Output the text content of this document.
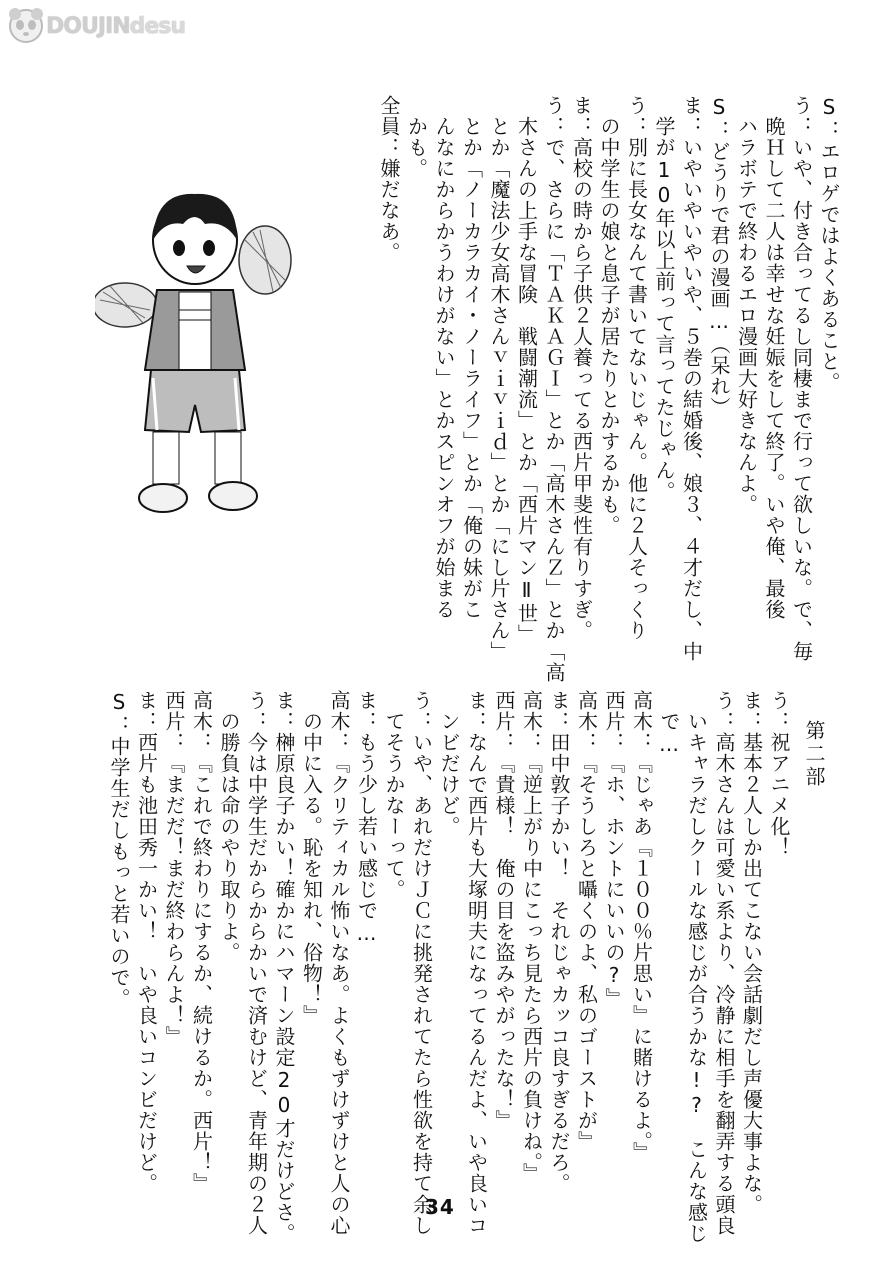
DOUJINdesu
第二部
34
S：エロゲではよくあること。
う：いや、付き合ってるし同棲まで行って欲しいな。で、毎
　晩Ｈして二人は幸せな妊娠をして終了。いや俺、最後
　ハラボテで終わるエロ漫画大好きなんよ。
S：どうりで君の漫画…（呆れ）
ま：いやいやいやいや、５巻の結婚後、娘３、４才だし、中
　学が10年以上前って言ってたじゃん。
う：別に長女なんて書いてないじゃん。他に２人そっくり
　の中学生の娘と息子が居たりとかするかも。
ま：高校の時から子供２人養ってる西片甲斐性有りすぎ。
う：で、さらに「ＴＡＫＡＧＩ」とか「高木さんＺ」とか「高
　木さんの上手な冒険　戦闘潮流」とか「西片マンⅡ世」
　とか「魔法少女高木さんｖｉｖｉｄ」とか「にし片さん」
　とか「ノーカラカイ・ノーライフ」とか「俺の妹がこ
　んなにからかうわけがない」とかスピンオフが始まる
　かも。
全員：嫌だなあ。
う：祝アニメ化！
ま：基本２人しか出てこない会話劇だし声優大事よな。
う：高木さんは可愛い系より、冷静に相手を翻弄する頭良
　いキャラだしクールな感じが合うかな!?　こんな感じ
　で…
高木：『じゃあ『１００％片思い』に賭けるよ。』
西片：『ホ、ホントにいいの?』
高木：『そうしろと囁くのよ、私のゴーストが』
ま：田中敦子かい！　それじゃカッコ良すぎるだろ。
高木：『逆上がり中にこっち見たら西片の負けね。』
西片：『貴様！　俺の目を盗みやがったな！』
ま：なんで西片も大塚明夫になってるんだよ、いや良いコ
　ンビだけど。
う：いや、あれだけＪＣに挑発されてたら性欲を持て余し
　てそうかなーって。
ま：もう少し若い感じで…
高木：『クリティカル怖いなあ。よくもずけずけと人の心
　の中に入る。恥を知れ、俗物！』
ま：榊原良子かい！確かにハマーン設定20才だけどさ。
う：今は中学生だからからかいで済むけど、青年期の２人
　の勝負は命のやり取りよ。
高木：『これで終わりにするか、続けるか。西片！』
西片：『まだだ！まだ終わらんよ！』
ま：西片も池田秀一かい！　いや良いコンビだけど。
S：中学生だしもっと若いので。
